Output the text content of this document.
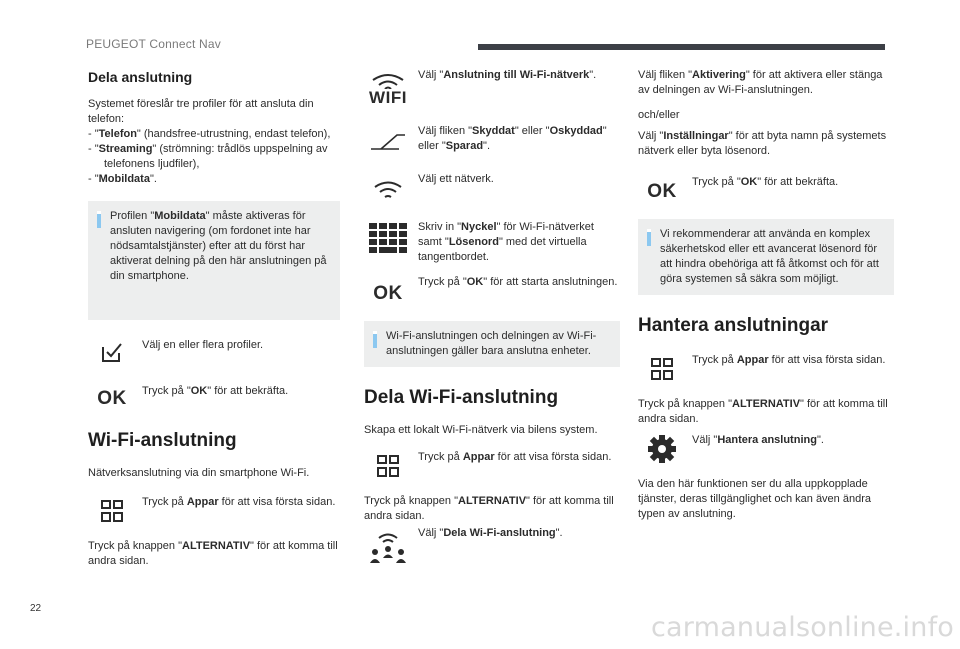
PEUGEOT Connect Nav
Dela anslutning

Systemet föreslår tre profiler för att ansluta din telefon:

- "Telefon" (handsfree-utrustning, endast telefon),
- "Streaming" (strömning: trådlös uppspelning av telefonens ljudfiler),
- "Mobildata".
Profilen "Mobildata" måste aktiveras för ansluten navigering (om fordonet inte har nödsamtalstjänster) efter att du först har aktiverat delning på den här anslutningen på din smartphone.
Välj en eller flera profiler.
OK Tryck på "OK" för att bekräfta.
Wi-Fi-anslutning

Nätverksanslutning via din smartphone Wi-Fi.

Tryck på Appar för att visa första sidan.

Tryck på knappen "ALTERNATIV" för att komma till andra sidan.

WIFI
Välj "Anslutning till Wi-Fi-nätverk".
Välj fliken "Skyddat" eller "Oskyddad" eller "Sparad".
Välj ett nätverk.
Skriv in "Nyckel" för Wi-Fi-nätverket samt "Lösenord" med det virtuella tangentbordet.
OK
Tryck på "OK" för att starta anslutningen.
Wi-Fi-anslutningen och delningen av Wi-Fi-anslutningen gäller bara anslutna enheter.
Dela Wi-Fi-anslutning

Skapa ett lokalt Wi-Fi-nätverk via bilens system.

Tryck på Appar för att visa första sidan.

Tryck på knappen "ALTERNATIV" för att komma till andra sidan.

Välj "Dela Wi-Fi-anslutning".

Välj fliken "Aktivering" för att aktivera eller stänga av delningen av Wi-Fi-anslutningen.

och/eller

Välj "Inställningar" för att byta namn på systemets nätverk eller byta lösenord.

OK Tryck på "OK" för att bekräfta.
Vi rekommenderar att använda en komplex säkerhetskod eller ett avancerat lösenord för att hindra obehöriga att få åtkomst och för att göra systemen så säkra som möjligt.
Hantera anslutningar
Tryck på Appar för att visa första sidan.

Tryck på knappen "ALTERNATIV" för att komma till andra sidan.

Välj "Hantera anslutning".

Via den här funktionen ser du alla uppkopplade tjänster, deras tillgänglighet och kan även ändra typen av anslutning.

22
carmanualsonline.info
